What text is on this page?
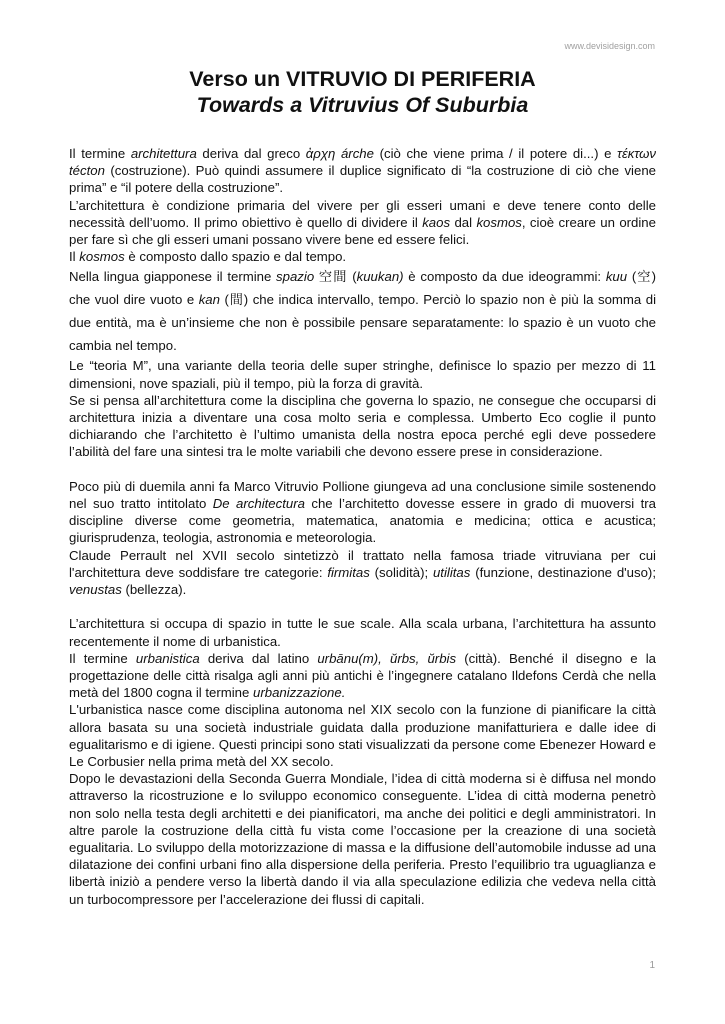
www.devisidesign.com
Verso un VITRUVIO DI PERIFERIA
Towards a Vitruvius Of Suburbia

Il termine architettura deriva dal greco ἀρχη árche (ciò che viene prima / il potere di...) e τέκτων técton (costruzione). Può quindi assumere il duplice significato di “la costruzione di ciò che viene prima” e “il potere della costruzione”.

L’architettura è condizione primaria del vivere per gli esseri umani e deve tenere conto delle necessità dell’uomo. Il primo obiettivo è quello di dividere il kaos dal kosmos, cioè creare un ordine per fare sì che gli esseri umani possano vivere bene ed essere felici.

Il kosmos è composto dallo spazio e dal tempo.

Nella lingua giapponese il termine spazio 空間 (kuukan) è composto da due ideogrammi: kuu (空) che vuol dire vuoto e kan (間) che indica intervallo, tempo. Perciò lo spazio non è più la somma di due entità, ma è un’insieme che non è possibile pensare separatamente: lo spazio è un vuoto che cambia nel tempo.

Le “teoria M”, una variante della teoria delle super stringhe, definisce lo spazio per mezzo di 11 dimensioni, nove spaziali, più il tempo, più la forza di gravità.

Se si pensa all’architettura come la disciplina che governa lo spazio, ne consegue che occuparsi di architettura inizia a diventare una cosa molto seria e complessa. Umberto Eco coglie il punto dichiarando che l’architetto è l’ultimo umanista della nostra epoca perché egli deve possedere l’abilità del fare una sintesi tra le molte variabili che devono essere prese in considerazione.

Poco più di duemila anni fa Marco Vitruvio Pollione giungeva ad una conclusione simile sostenendo nel suo tratto intitolato De architectura che l’architetto dovesse essere in grado di muoversi tra discipline diverse come geometria, matematica, anatomia e medicina; ottica e acustica; giurisprudenza, teologia, astronomia e meteorologia.

Claude Perrault nel XVII secolo sintetizzò il trattato nella famosa triade vitruviana per cui l'architettura deve soddisfare tre categorie: firmitas (solidità); utilitas (funzione, destinazione d'uso); venustas (bellezza).

L’architettura si occupa di spazio in tutte le sue scale. Alla scala urbana, l’architettura ha assunto recentemente il nome di urbanistica.

Il termine urbanistica deriva dal latino urbānu(m), ŭrbs, ŭrbis (città). Benché il disegno e la progettazione delle città risalga agli anni più antichi è l’ingegnere catalano Ildefons Cerdà che nella metà del 1800 cogna il termine urbanizzazione.

L'urbanistica nasce come disciplina autonoma nel XIX secolo con la funzione di pianificare la città allora basata su una società industriale guidata dalla produzione manifatturiera e dalle idee di egualitarismo e di igiene. Questi principi sono stati visualizzati da persone come Ebenezer Howard e Le Corbusier nella prima metà del XX secolo.

Dopo le devastazioni della Seconda Guerra Mondiale, l’idea di città moderna si è diffusa nel mondo attraverso la ricostruzione e lo sviluppo economico conseguente. L’idea di città moderna penetrò non solo nella testa degli architetti e dei pianificatori, ma anche dei politici e degli amministratori. In altre parole la costruzione della città fu vista come l’occasione per la creazione di una società egualitaria. Lo sviluppo della motorizzazione di massa e la diffusione dell’automobile indusse ad una dilatazione dei confini urbani fino alla dispersione della periferia. Presto l’equilibrio tra uguaglianza e libertà iniziò a pendere verso la libertà dando il via alla speculazione edilizia che vedeva nella città un turbocompressore per l’accelerazione dei flussi di capitali.

1
